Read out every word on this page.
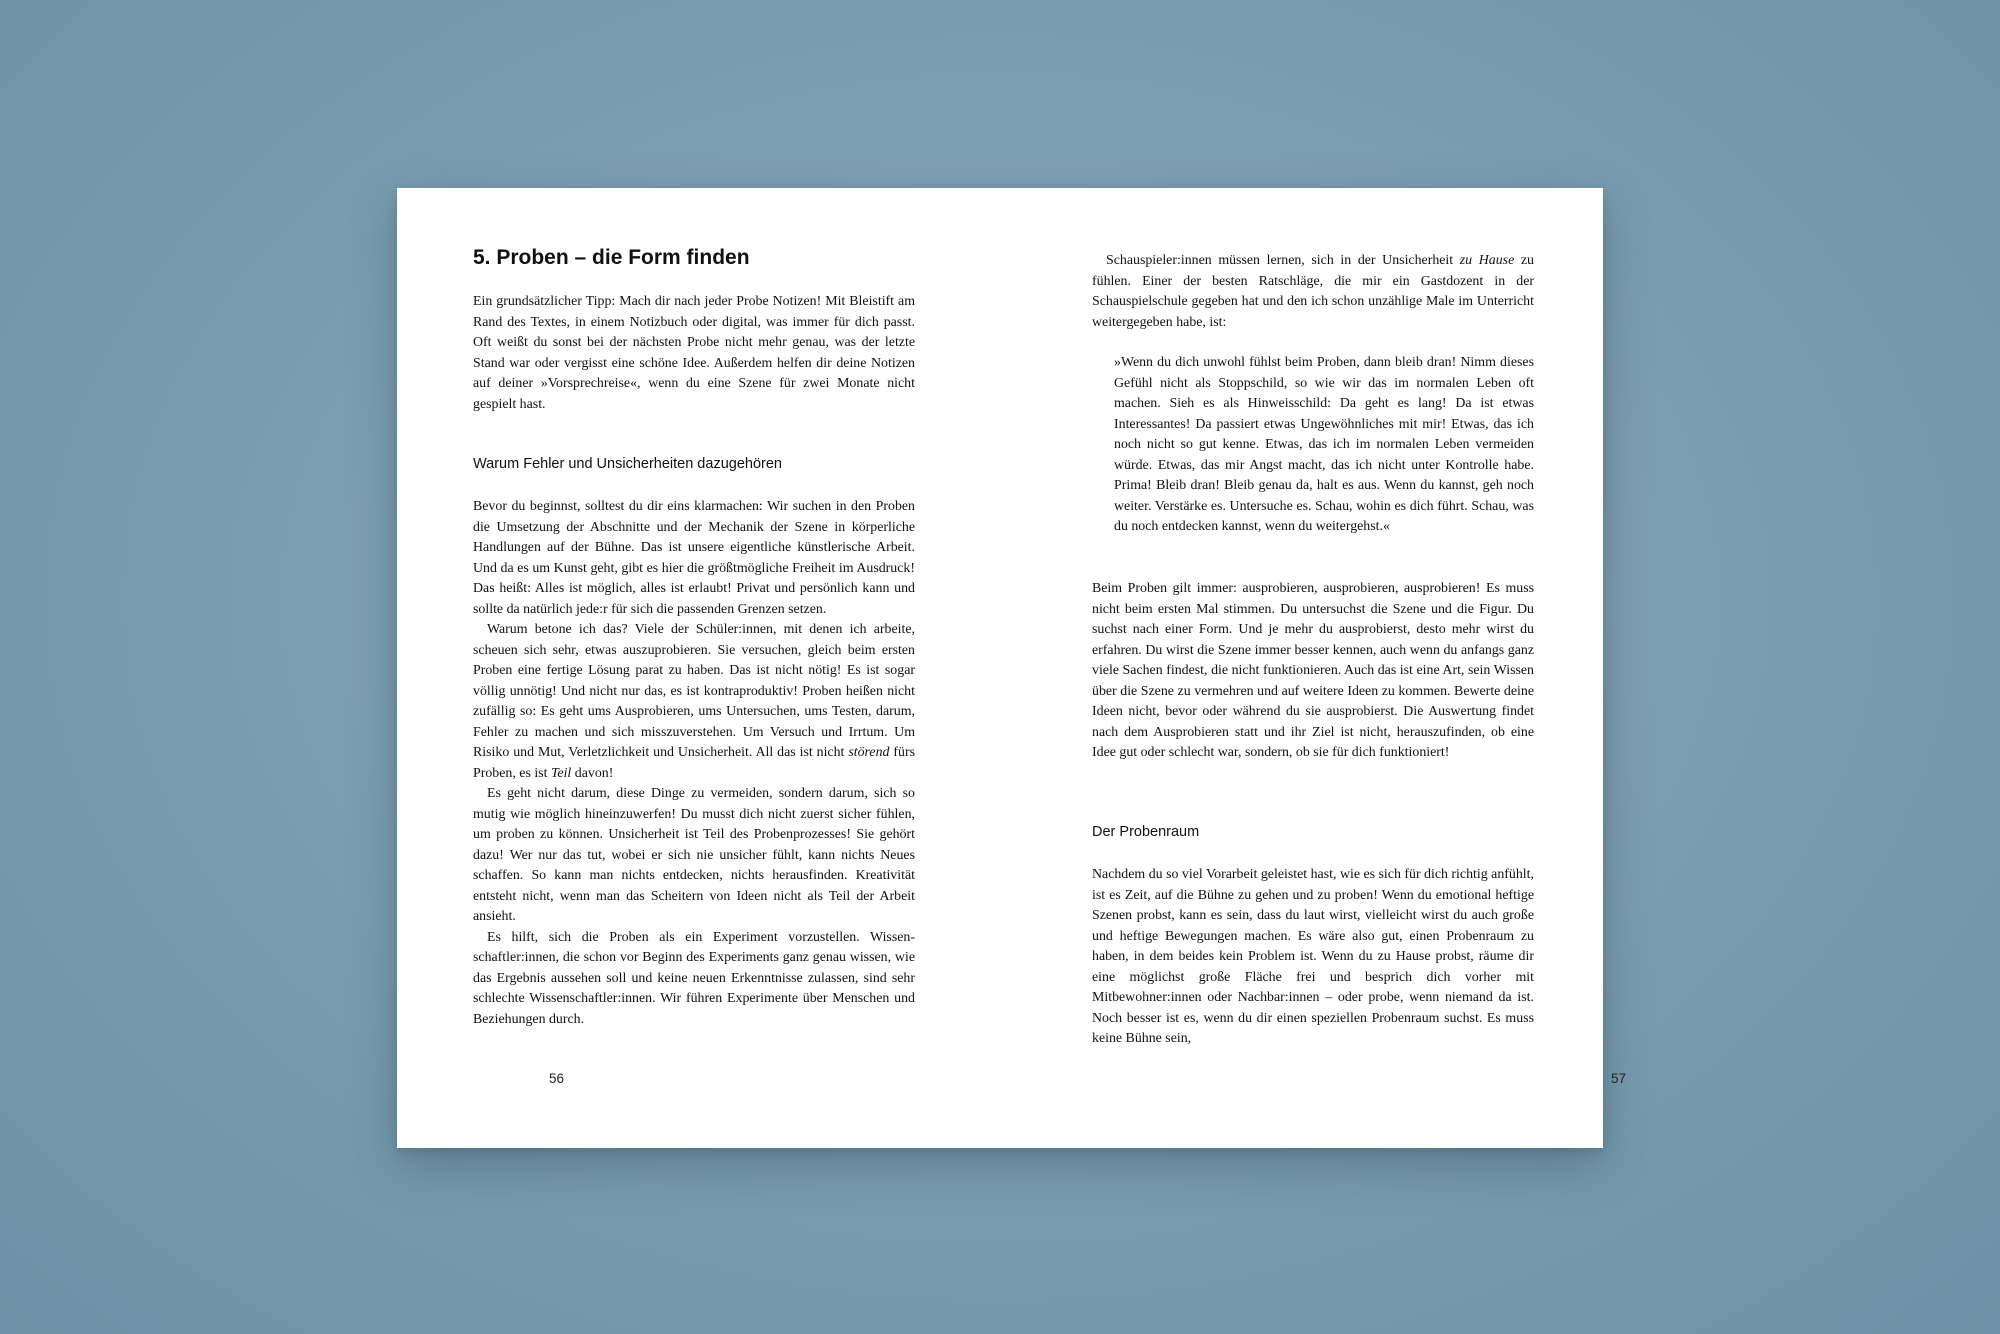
5. Proben – die Form finden

Ein grundsätzlicher Tipp: Mach dir nach jeder Probe Notizen! Mit Bleistift am Rand des Textes, in einem Notizbuch oder digital, was immer für dich passt. Oft weißt du sonst bei der nächsten Probe nicht mehr genau, was der letzte Stand war oder vergisst eine schöne Idee. Außerdem helfen dir deine Notizen auf deiner »Vorsprechreise«, wenn du eine Szene für zwei Monate nicht gespielt hast.

Warum Fehler und Unsicherheiten dazugehören

Bevor du beginnst, solltest du dir eins klarmachen: Wir suchen in den Proben die Umsetzung der Abschnitte und der Mechanik der Szene in körperliche Handlungen auf der Bühne. Das ist unsere eigentliche künstlerische Arbeit. Und da es um Kunst geht, gibt es hier die größtmögliche Freiheit im Ausdruck! Das heißt: Alles ist möglich, alles ist erlaubt! Privat und persönlich kann und sollte da natürlich jede:r für sich die passenden Grenzen setzen.

Warum betone ich das? Viele der Schüler:innen, mit denen ich arbeite, scheuen sich sehr, etwas auszuprobieren. Sie versuchen, gleich beim ersten Proben eine fertige Lösung parat zu haben. Das ist nicht nötig! Es ist sogar völlig unnötig! Und nicht nur das, es ist kontraproduktiv! Proben heißen nicht zufällig so: Es geht ums Ausprobieren, ums Untersuchen, ums Testen, darum, Fehler zu machen und sich misszuverstehen. Um Versuch und Irrtum. Um Risiko und Mut, Verletzlichkeit und Unsicherheit. All das ist nicht störend fürs Proben, es ist Teil davon!

Es geht nicht darum, diese Dinge zu vermeiden, sondern darum, sich so mutig wie möglich hineinzuwerfen! Du musst dich nicht zuerst sicher fühlen, um proben zu können. Unsicherheit ist Teil des Probenprozesses! Sie gehört dazu! Wer nur das tut, wobei er sich nie unsicher fühlt, kann nichts Neues schaffen. So kann man nichts entdecken, nichts herausfinden. Kreativität entsteht nicht, wenn man das Scheitern von Ideen nicht als Teil der Arbeit ansieht.

Es hilft, sich die Proben als ein Experiment vorzustellen. Wissenschaftler:innen, die schon vor Beginn des Experiments ganz genau wissen, wie das Ergebnis aussehen soll und keine neuen Erkenntnisse zulassen, sind sehr schlechte Wissenschaftler:innen. Wir führen Experimente über Menschen und Beziehungen durch.

56

Schauspieler:innen müssen lernen, sich in der Unsicherheit zu Hause zu fühlen. Einer der besten Ratschläge, die mir ein Gastdozent in der Schauspielschule gegeben hat und den ich schon unzählige Male im Unterricht weitergegeben habe, ist:

»Wenn du dich unwohl fühlst beim Proben, dann bleib dran! Nimm dieses Gefühl nicht als Stoppschild, so wie wir das im normalen Leben oft machen. Sieh es als Hinweisschild: Da geht es lang! Da ist etwas Interessantes! Da passiert etwas Ungewöhnliches mit mir! Etwas, das ich noch nicht so gut kenne. Etwas, das ich im normalen Leben vermeiden würde. Etwas, das mir Angst macht, das ich nicht unter Kontrolle habe. Prima! Bleib dran! Bleib genau da, halt es aus. Wenn du kannst, geh noch weiter. Verstärke es. Untersuche es. Schau, wohin es dich führt. Schau, was du noch entdecken kannst, wenn du weitergehst.«

Beim Proben gilt immer: ausprobieren, ausprobieren, ausprobieren! Es muss nicht beim ersten Mal stimmen. Du untersuchst die Szene und die Figur. Du suchst nach einer Form. Und je mehr du ausprobierst, desto mehr wirst du erfahren. Du wirst die Szene immer besser kennen, auch wenn du anfangs ganz viele Sachen findest, die nicht funktionieren. Auch das ist eine Art, sein Wissen über die Szene zu vermehren und auf weitere Ideen zu kommen. Bewerte deine Ideen nicht, bevor oder während du sie ausprobierst. Die Auswertung findet nach dem Ausprobieren statt und ihr Ziel ist nicht, herauszufinden, ob eine Idee gut oder schlecht war, sondern, ob sie für dich funktioniert!

Der Probenraum

Nachdem du so viel Vorarbeit geleistet hast, wie es sich für dich richtig anfühlt, ist es Zeit, auf die Bühne zu gehen und zu proben! Wenn du emotional heftige Szenen probst, kann es sein, dass du laut wirst, vielleicht wirst du auch große und heftige Bewegungen machen. Es wäre also gut, einen Probenraum zu haben, in dem beides kein Problem ist. Wenn du zu Hause probst, räume dir eine möglichst große Fläche frei und besprich dich vorher mit Mitbewohner:innen oder Nachbar:innen – oder probe, wenn niemand da ist. Noch besser ist es, wenn du dir einen speziellen Probenraum suchst. Es muss keine Bühne sein,

57
